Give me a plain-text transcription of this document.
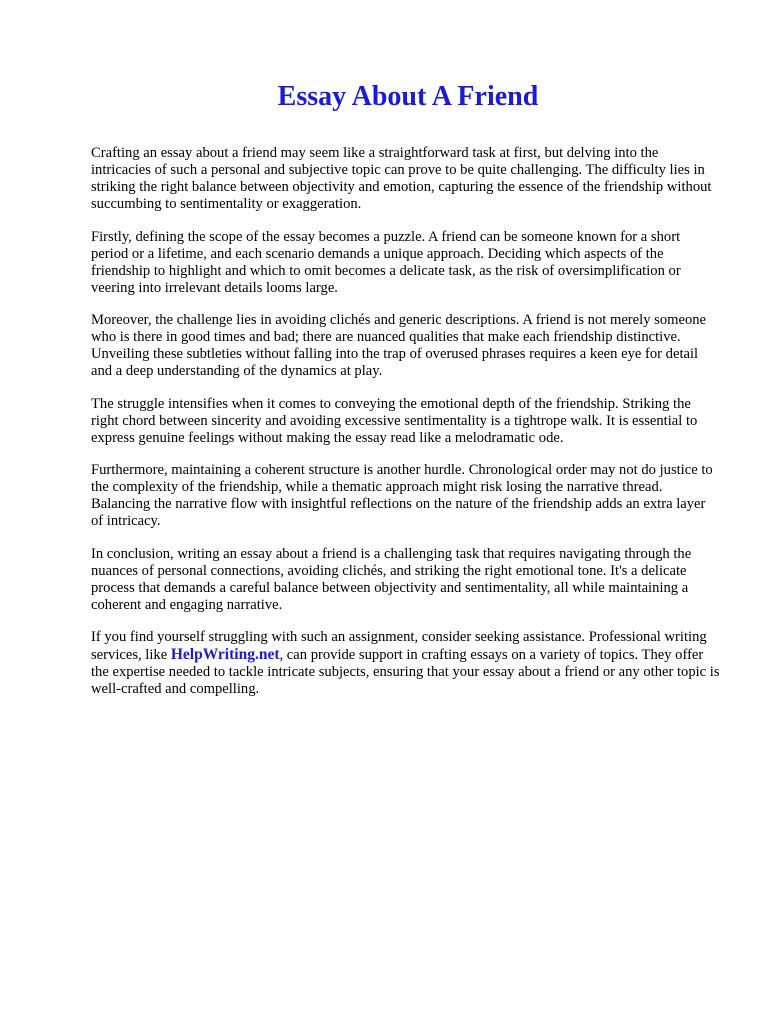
Essay About A Friend

Crafting an essay about a friend may seem like a straightforward task at first, but delving into the intricacies of such a personal and subjective topic can prove to be quite challenging. The difficulty lies in striking the right balance between objectivity and emotion, capturing the essence of the friendship without succumbing to sentimentality or exaggeration.

Firstly, defining the scope of the essay becomes a puzzle. A friend can be someone known for a short period or a lifetime, and each scenario demands a unique approach. Deciding which aspects of the friendship to highlight and which to omit becomes a delicate task, as the risk of oversimplification or veering into irrelevant details looms large.

Moreover, the challenge lies in avoiding clichés and generic descriptions. A friend is not merely someone who is there in good times and bad; there are nuanced qualities that make each friendship distinctive. Unveiling these subtleties without falling into the trap of overused phrases requires a keen eye for detail and a deep understanding of the dynamics at play.

The struggle intensifies when it comes to conveying the emotional depth of the friendship. Striking the right chord between sincerity and avoiding excessive sentimentality is a tightrope walk. It is essential to express genuine feelings without making the essay read like a melodramatic ode.

Furthermore, maintaining a coherent structure is another hurdle. Chronological order may not do justice to the complexity of the friendship, while a thematic approach might risk losing the narrative thread. Balancing the narrative flow with insightful reflections on the nature of the friendship adds an extra layer of intricacy.

In conclusion, writing an essay about a friend is a challenging task that requires navigating through the nuances of personal connections, avoiding clichés, and striking the right emotional tone. It's a delicate process that demands a careful balance between objectivity and sentimentality, all while maintaining a coherent and engaging narrative.

If you find yourself struggling with such an assignment, consider seeking assistance. Professional writing services, like HelpWriting.net, can provide support in crafting essays on a variety of topics. They offer the expertise needed to tackle intricate subjects, ensuring that your essay about a friend or any other topic is well-crafted and compelling.
